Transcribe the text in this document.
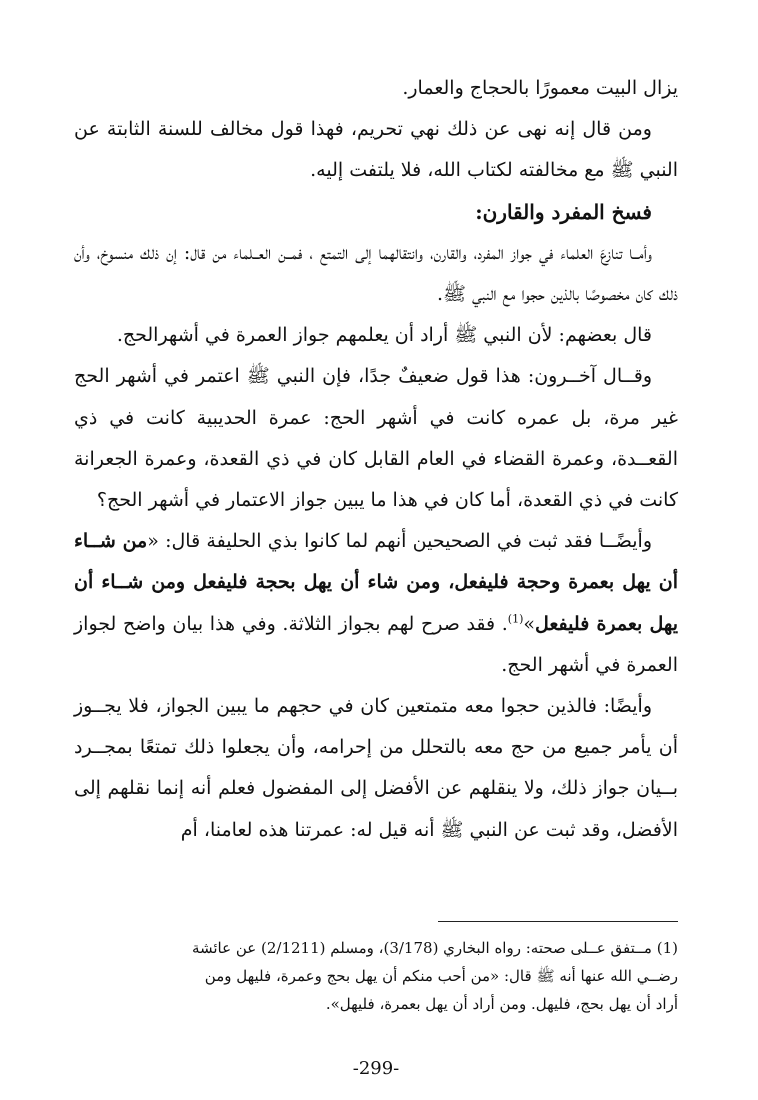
يزال البيت معمورًا بالحجاج والعمار.

ومن قال إنه نهى عن ذلك نهي تحريم، فهذا قول مخالف للسنة الثابتة عن النبي ﷺ مع مخالفته لكتاب الله، فلا يلتفت إليه.

فسخ المفرد والقارن:

وأمــا تنازعَ العلماء في جواز المفرد، والقارن، وانتقالهما إلى التمتع ، فمــن العــلماء من قال: إن ذلك منسوخ، وأن ذلك كان مخصوصًا بالذين حجوا مع النبي ﷺ.

قال بعضهم: لأن النبي ﷺ أراد أن يعلمهم جواز العمرة في أشهرالحج.

وقــال آخــرون: هذا قول ضعيفٌ جدًا، فإن النبي ﷺ اعتمر في أشهر الحج غير مرة، بل عمره كانت في أشهر الحج: عمرة الحديبية كانت في ذي القعــدة، وعمرة القضاء في العام القابل كان في ذي القعدة، وعمرة الجعرانة كانت في ذي القعدة، أما كان في هذا ما يبين جواز الاعتمار في أشهر الحج؟

وأيضًــا فقد ثبت في الصحيحين أنهم لما كانوا بذي الحليفة قال: «من شــاء أن يهل بعمرة وحجة فليفعل، ومن شاء أن يهل بحجة فليفعل ومن شــاء أن يهل بعمرة فليفعل»$^{(1)}$. فقد صرح لهم بجواز الثلاثة. وفي هذا بيان واضح لجواز العمرة في أشهر الحج.

وأيضًا: فالذين حجوا معه متمتعين كان في حجهم ما يبين الجواز، فلا يجــوز أن يأمر جميع من حج معه بالتحلل من إحرامه، وأن يجعلوا ذلك تمتعًا بمجــرد بــيان جواز ذلك، ولا ينقلهم عن الأفضل إلى المفضول فعلم أنه إنما نقلهم إلى الأفضل، وقد ثبت عن النبي ﷺ أنه قيل له: عمرتنا هذه لعامنا، أم

(1) مــتفق عــلى صحته: رواه البخاري (3/178)، ومسلم (2/1211) عن عائشة

رضــي الله عنها أنه ﷺ قال: «من أحب منكم أن يهل بحج وعمرة، فليهل ومن

أراد أن يهل بحج، فليهل. ومن أراد أن يهل بعمرة، فليهل».

-299-
